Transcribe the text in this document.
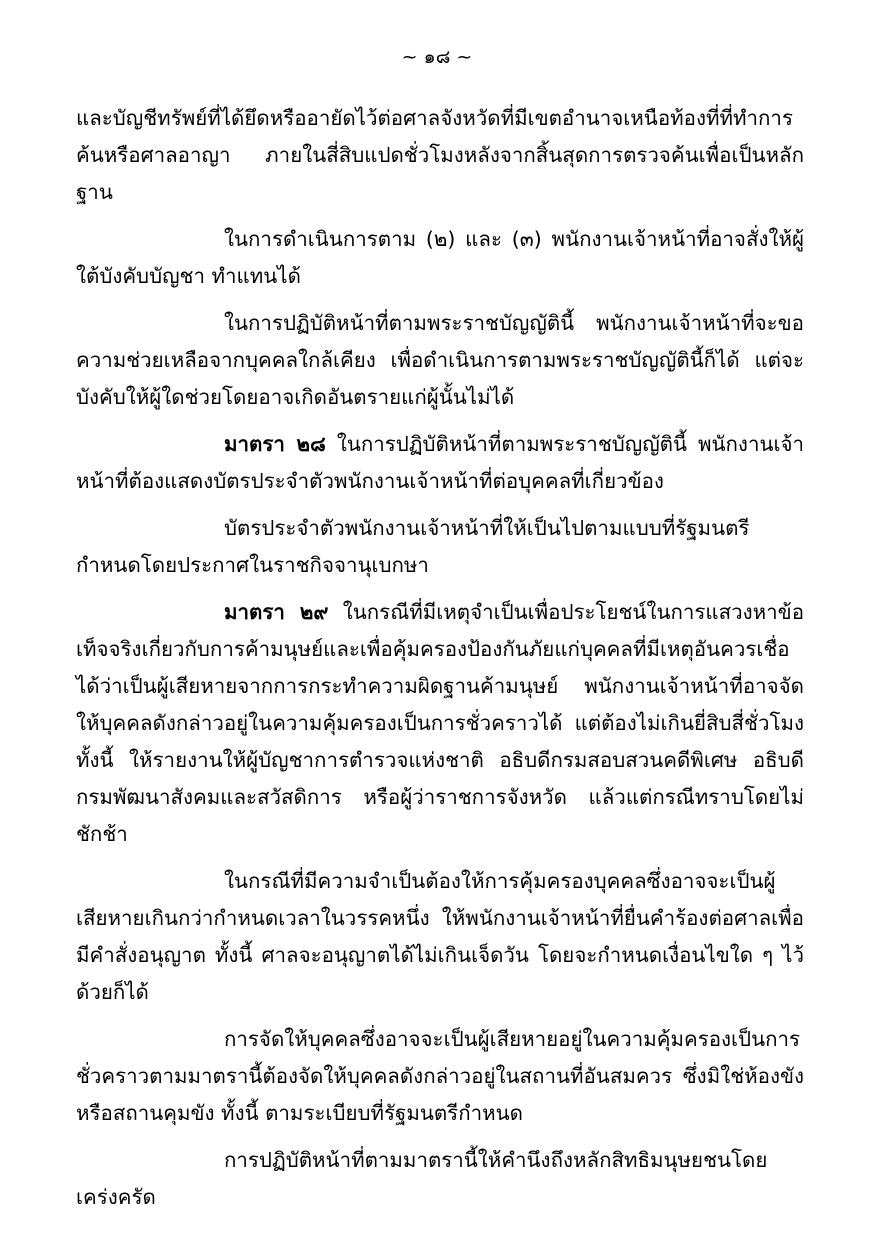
~ ๑๘ ~

และบัญชีทรัพย์ที่ได้ยึดหรืออายัดไว้ต่อศาลจังหวัดที่มีเขตอำนาจเหนือท้องที่ที่ทำการค้นหรือศาลอาญา ภายในสี่สิบแปดชั่วโมงหลังจากสิ้นสุดการตรวจค้นเพื่อเป็นหลักฐาน

ในการดำเนินการตาม (๒) และ (๓) พนักงานเจ้าหน้าที่อาจสั่งให้ผู้ใต้บังคับบัญชา ทำแทนได้

ในการปฏิบัติหน้าที่ตามพระราชบัญญัตินี้ พนักงานเจ้าหน้าที่จะขอความช่วยเหลือจากบุคคลใกล้เคียง เพื่อดำเนินการตามพระราชบัญญัตินี้ก็ได้ แต่จะบังคับให้ผู้ใดช่วยโดยอาจเกิดอันตรายแก่ผู้นั้นไม่ได้

มาตรา ๒๘ ในการปฏิบัติหน้าที่ตามพระราชบัญญัตินี้ พนักงานเจ้าหน้าที่ต้องแสดงบัตรประจำตัวพนักงานเจ้าหน้าที่ต่อบุคคลที่เกี่ยวข้อง

บัตรประจำตัวพนักงานเจ้าหน้าที่ให้เป็นไปตามแบบที่รัฐมนตรีกำหนดโดยประกาศในราชกิจจานุเบกษา

มาตรา ๒๙ ในกรณีที่มีเหตุจำเป็นเพื่อประโยชน์ในการแสวงหาข้อเท็จจริงเกี่ยวกับการค้ามนุษย์และเพื่อคุ้มครองป้องกันภัยแก่บุคคลที่มีเหตุอันควรเชื่อได้ว่าเป็นผู้เสียหายจากการกระทำความผิดฐานค้ามนุษย์ พนักงานเจ้าหน้าที่อาจจัดให้บุคคลดังกล่าวอยู่ในความคุ้มครองเป็นการชั่วคราวได้ แต่ต้องไม่เกินยี่สิบสี่ชั่วโมง ทั้งนี้ ให้รายงานให้ผู้บัญชาการตำรวจแห่งชาติ อธิบดีกรมสอบสวนคดีพิเศษ อธิบดีกรมพัฒนาสังคมและสวัสดิการ หรือผู้ว่าราชการจังหวัด แล้วแต่กรณีทราบโดยไม่ชักช้า

ในกรณีที่มีความจำเป็นต้องให้การคุ้มครองบุคคลซึ่งอาจจะเป็นผู้เสียหายเกินกว่ากำหนดเวลาในวรรคหนึ่ง ให้พนักงานเจ้าหน้าที่ยื่นคำร้องต่อศาลเพื่อมีคำสั่งอนุญาต ทั้งนี้ ศาลจะอนุญาตได้ไม่เกินเจ็ดวัน โดยจะกำหนดเงื่อนไขใด ๆ ไว้ด้วยก็ได้

การจัดให้บุคคลซึ่งอาจจะเป็นผู้เสียหายอยู่ในความคุ้มครองเป็นการชั่วคราวตามมาตรานี้ต้องจัดให้บุคคลดังกล่าวอยู่ในสถานที่อันสมควร ซึ่งมิใช่ห้องขังหรือสถานคุมขัง ทั้งนี้ ตามระเบียบที่รัฐมนตรีกำหนด

การปฏิบัติหน้าที่ตามมาตรานี้ให้คำนึงถึงหลักสิทธิมนุษยชนโดยเคร่งครัด
